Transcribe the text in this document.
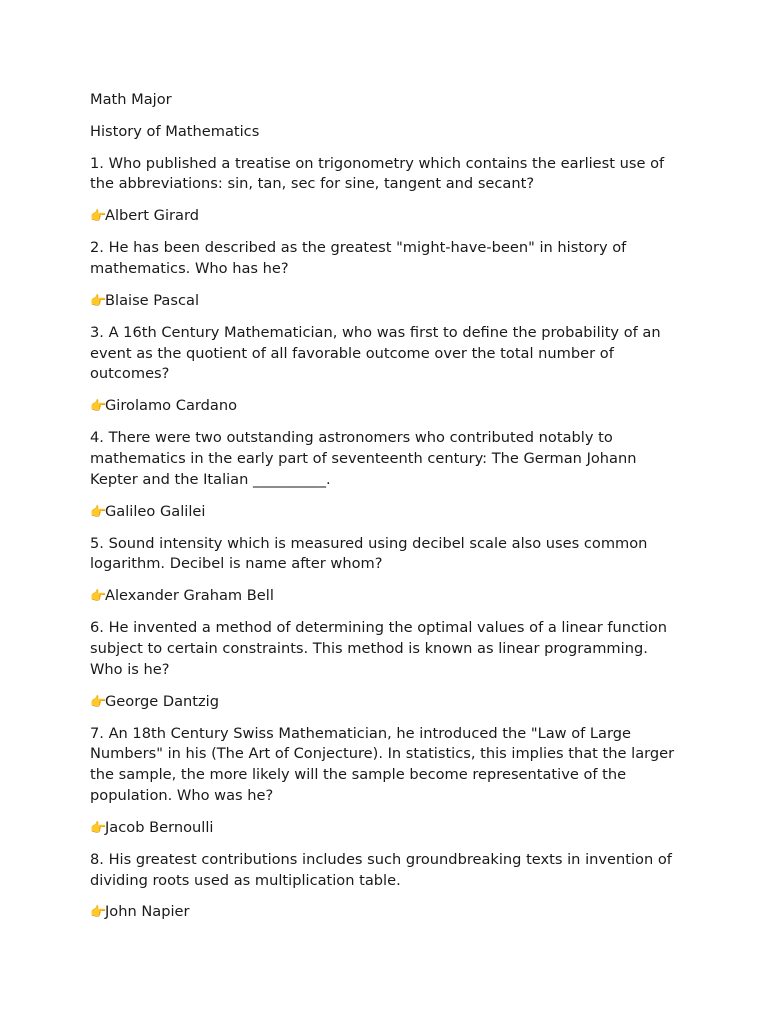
Math Major
History of Mathematics
1. Who published a treatise on trigonometry which contains the earliest use of the abbreviations: sin, tan, sec for sine, tangent and secant?
👉
Albert Girard
2. He has been described as the greatest "might-have-been" in history of mathematics. Who has he?
👉
Blaise Pascal
3. A 16th Century Mathematician, who was first to define the probability of an event as the quotient of all favorable outcome over the total number of outcomes?
👉
Girolamo Cardano
4. There were two outstanding astronomers who contributed notably to mathematics in the early part of seventeenth century: The German Johann Kepter and the Italian __________.
👉
Galileo Galilei
5. Sound intensity which is measured using decibel scale also uses common logarithm. Decibel is name after whom?
👉
Alexander Graham Bell
6. He invented a method of determining the optimal values of a linear function subject to certain constraints. This method is known as linear programming. Who is he?
👉
George Dantzig
7. An 18th Century Swiss Mathematician, he introduced the "Law of Large Numbers" in his (The Art of Conjecture). In statistics, this implies that the larger the sample, the more likely will the sample become representative of the population. Who was he?
👉
Jacob Bernoulli
8. His greatest contributions includes such groundbreaking texts in invention of dividing roots used as multiplication table.
👉
John Napier
